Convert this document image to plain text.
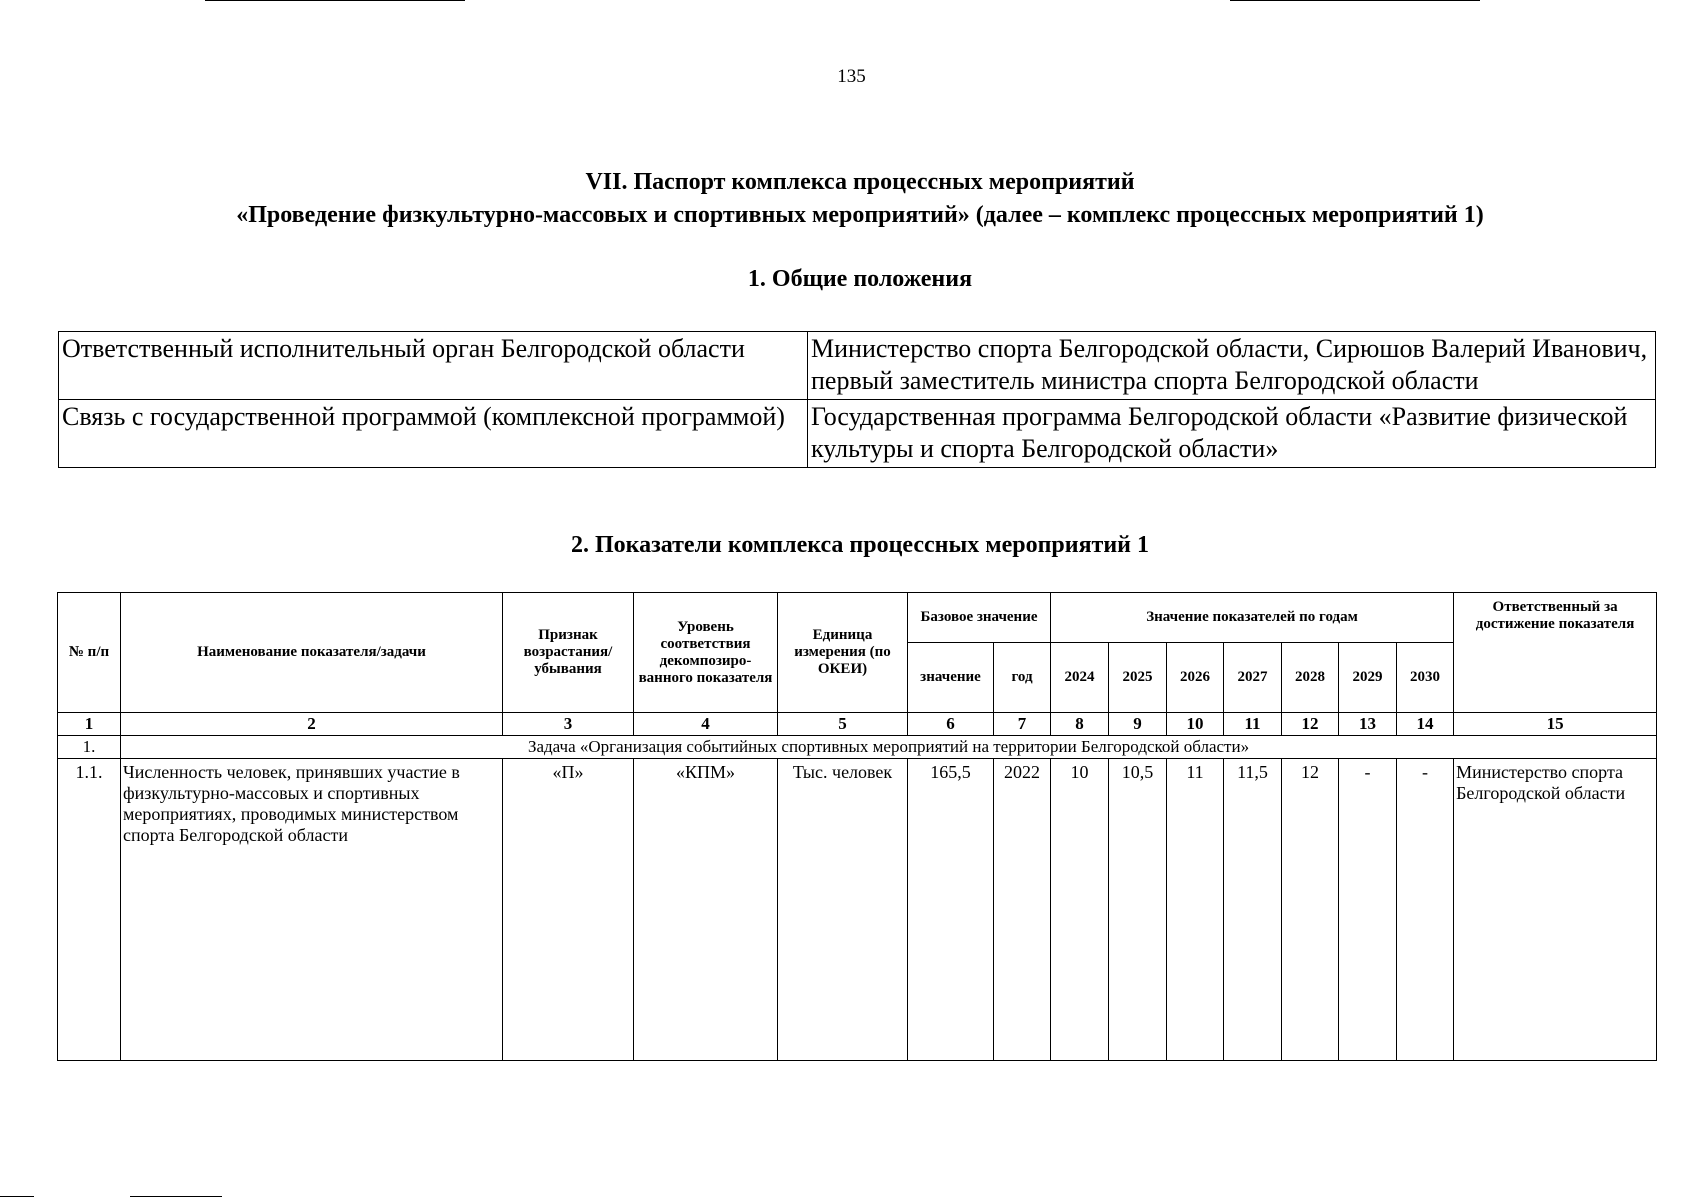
135
VII. Паспорт комплекса процессных мероприятий
«Проведение физкультурно-массовых и спортивных мероприятий» (далее – комплекс процессных мероприятий 1)
1. Общие положения
Ответственный исполнительный орган Белгородской области	Министерство спорта Белгородской области, Сирюшов Валерий Иванович, первый заместитель министра спорта Белгородской области
Связь с государственной программой (комплексной программой)	Государственная программа Белгородской области «Развитие физической культуры и спорта Белгородской области»
2. Показатели комплекса процессных мероприятий 1
№ п/п	Наименование показателя/задачи	Признак возрастания/ убывания	Уровень соответствия декомпозиро-ванного показателя	Единица измерения (по ОКЕИ)	Базовое значение		Значение показателей по годам							Ответственный за достижение показателя
					значение	год	2024	2025	2026	2027	2028	2029	2030	
1	2	3	4	5	6	7	8	9	10	11	12	13	14	15
1.	Задача «Организация событийных спортивных мероприятий на территории Белгородской области»													
1.1.	Численность человек, принявших участие в физкультурно-массовых и спортивных мероприятиях, проводимых министерством спорта Белгородской области	«П»	«КПМ»	Тыс. человек	165,5	2022	10	10,5	11	11,5	12	-	-	Министерство спорта Белгородской области
